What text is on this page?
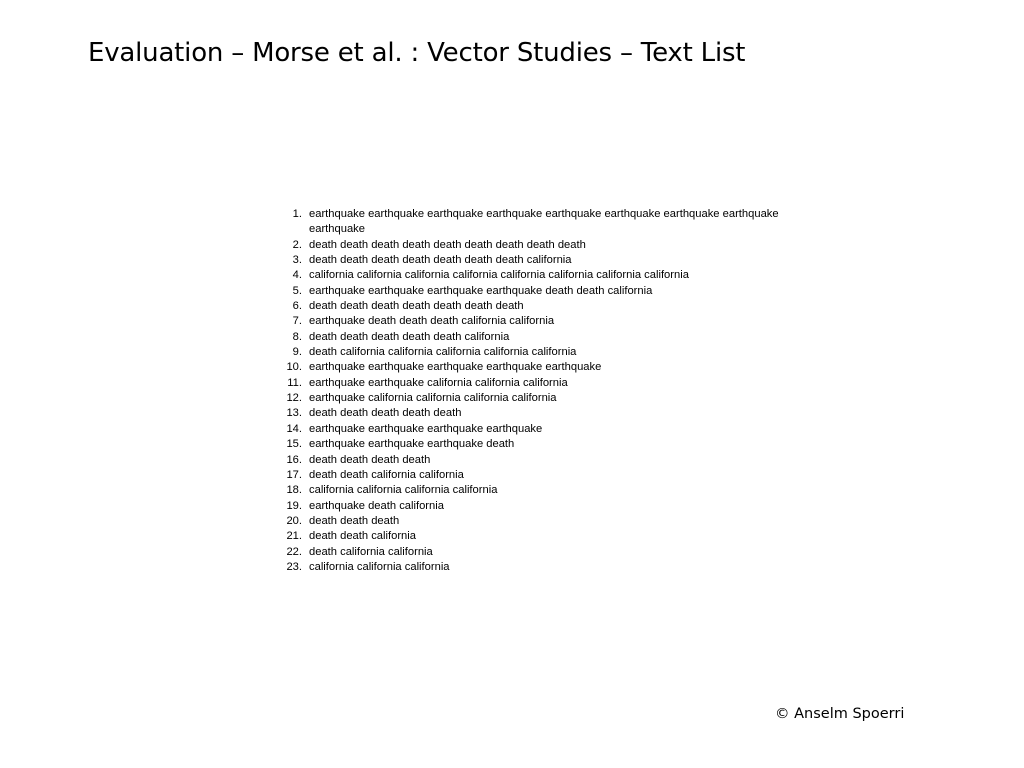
Evaluation – Morse et al. : Vector Studies – Text List
1. earthquake earthquake earthquake earthquake earthquake earthquake earthquake earthquake earthquake
2. death death death death death death death death death
3. death death death death death death death california
4. california california california california california california california california
5. earthquake earthquake earthquake earthquake death death california
6. death death death death death death death
7. earthquake death death death california california
8. death death death death death california
9. death california california california california california
10. earthquake earthquake earthquake earthquake earthquake
11. earthquake earthquake california california california
12. earthquake california california california california
13. death death death death death
14. earthquake earthquake earthquake earthquake
15. earthquake earthquake earthquake death
16. death death death death
17. death death california california
18. california california california california
19. earthquake death california
20. death death death
21. death death california
22. death california california
23. california california california
© Anselm Spoerri
